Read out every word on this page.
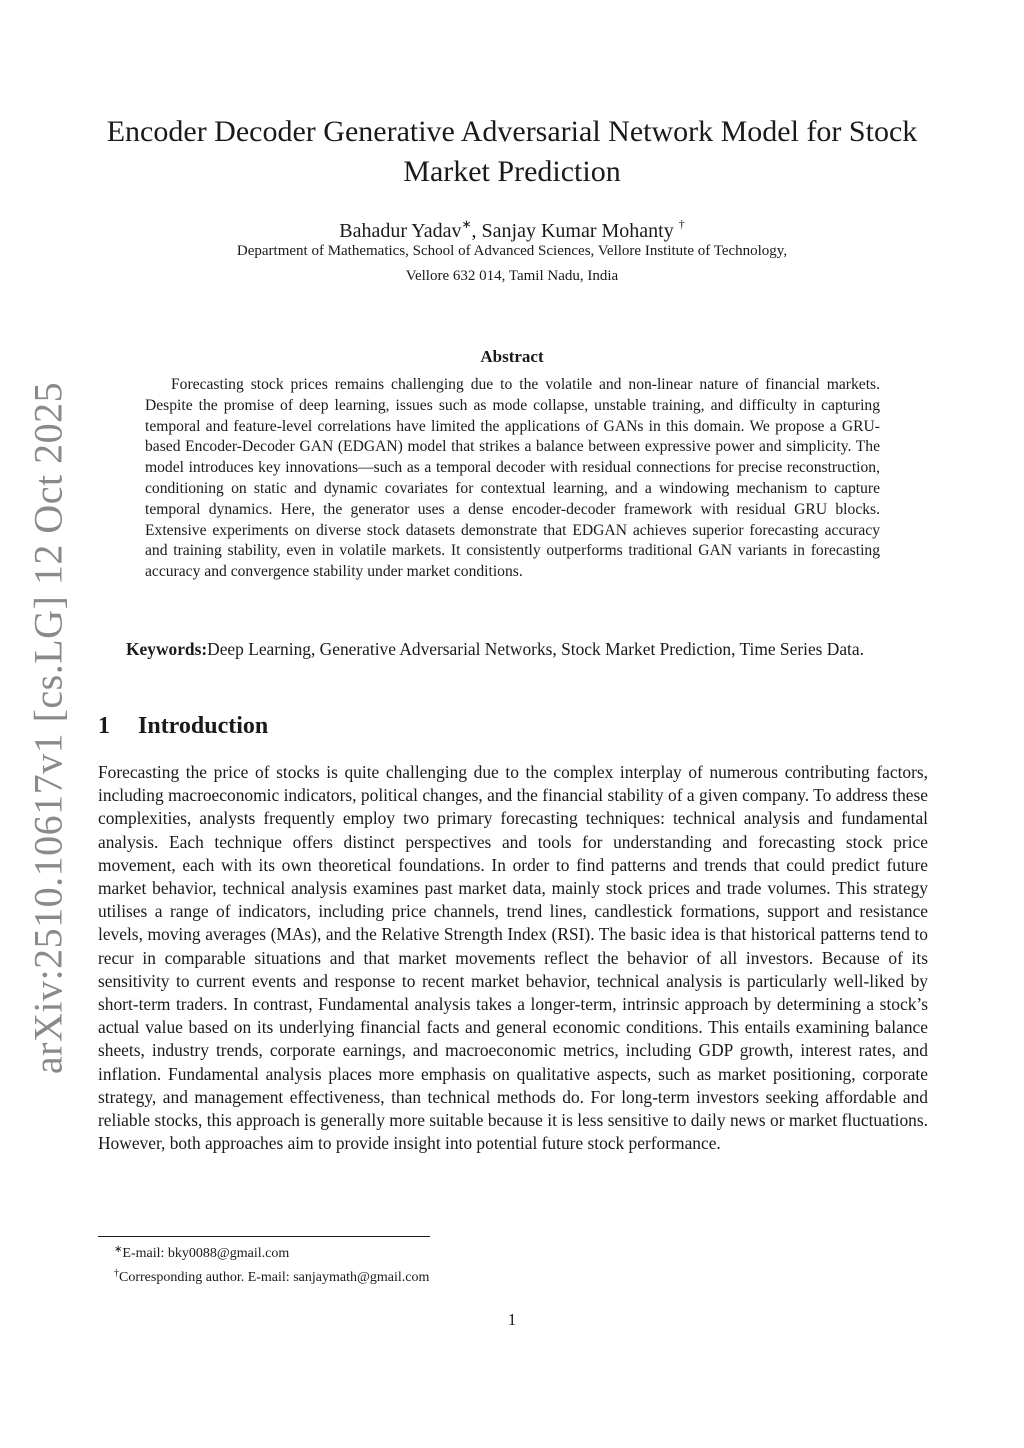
arXiv:2510.10617v1 [cs.LG] 12 Oct 2025
Encoder Decoder Generative Adversarial Network Model for Stock Market Prediction
Bahadur Yadav∗, Sanjay Kumar Mohanty †
Department of Mathematics, School of Advanced Sciences, Vellore Institute of Technology,
Vellore 632 014, Tamil Nadu, India
Abstract

Forecasting stock prices remains challenging due to the volatile and non-linear nature of financial markets. Despite the promise of deep learning, issues such as mode collapse, unstable training, and difficulty in capturing temporal and feature-level correlations have limited the applications of GANs in this domain. We propose a GRU-based Encoder-Decoder GAN (EDGAN) model that strikes a balance between expressive power and simplicity. The model introduces key innovations—such as a temporal decoder with residual connections for precise reconstruction, conditioning on static and dynamic covariates for contextual learning, and a windowing mechanism to capture temporal dynamics. Here, the generator uses a dense encoder-decoder framework with residual GRU blocks. Extensive experiments on diverse stock datasets demonstrate that EDGAN achieves superior forecasting accuracy and training stability, even in volatile markets. It consistently outperforms traditional GAN variants in forecasting accuracy and convergence stability under market conditions.

Keywords:Deep Learning, Generative Adversarial Networks, Stock Market Prediction, Time Series Data.

1 Introduction

Forecasting the price of stocks is quite challenging due to the complex interplay of numerous contributing factors, including macroeconomic indicators, political changes, and the financial stability of a given company. To address these complexities, analysts frequently employ two primary forecasting techniques: technical analysis and fundamental analysis. Each technique offers distinct perspectives and tools for understanding and forecasting stock price movement, each with its own theoretical foundations. In order to find patterns and trends that could predict future market behavior, technical analysis examines past market data, mainly stock prices and trade volumes. This strategy utilises a range of indicators, including price channels, trend lines, candlestick formations, support and resistance levels, moving averages (MAs), and the Relative Strength Index (RSI). The basic idea is that historical patterns tend to recur in comparable situations and that market movements reflect the behavior of all investors. Because of its sensitivity to current events and response to recent market behavior, technical analysis is particularly well-liked by short-term traders. In contrast, Fundamental analysis takes a longer-term, intrinsic approach by determining a stock’s actual value based on its underlying financial facts and general economic conditions. This entails examining balance sheets, industry trends, corporate earnings, and macroeconomic metrics, including GDP growth, interest rates, and inflation. Fundamental analysis places more emphasis on qualitative aspects, such as market positioning, corporate strategy, and management effectiveness, than technical methods do. For long-term investors seeking affordable and reliable stocks, this approach is generally more suitable because it is less sensitive to daily news or market fluctuations. However, both approaches aim to provide insight into potential future stock performance.

∗E-mail: bky0088@gmail.com
†Corresponding author. E-mail: sanjaymath@gmail.com
1
